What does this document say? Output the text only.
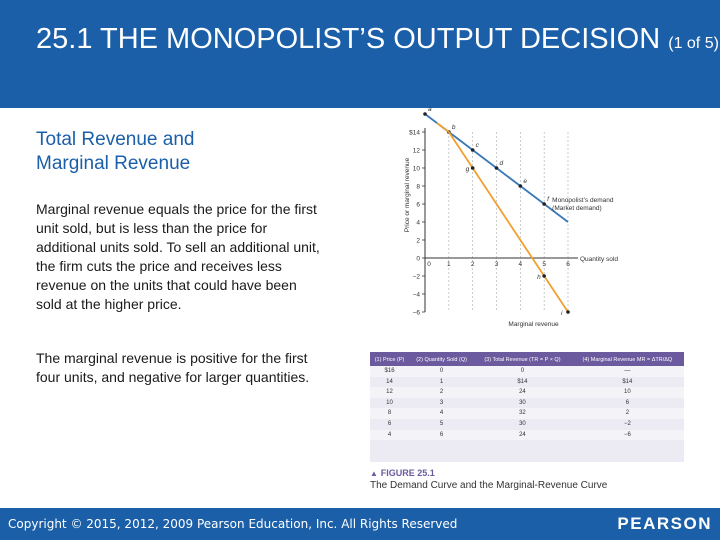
25.1 THE MONOPOLIST’S OUTPUT DECISION (1 of 5)
Total Revenue and Marginal Revenue
Marginal revenue equals the price for the first unit sold, but is less than the price for additional units sold. To sell an additional unit, the firm cuts the price and receives less revenue on the units that could have been sold at the higher price.
The marginal revenue is positive for the first four units, and negative for larger quantities.
$14
12
10
8
6
4
2
0
−2
−4
−6
0 1	2	3	4	5	6
Price or marginal revenue
Quantity sold
a
b
c
d
e
f
g
h
i
Monopolist’s demand
(Market demand)
Marginal revenue
(1) Price (P)	(2) Quantity Sold (Q)	(3) Total Revenue (TR = P × Q)	(4) Marginal Revenue MR = ΔTR/ΔQ
$16	0	0	—
14	1	$14	$14
12	2	24	10
10	3	30	6
8	4	32	2
6	5	30	−2
4	6	24	−6
▲ FIGURE 25.1
The Demand Curve and the Marginal-Revenue Curve
Copyright © 2015, 2012, 2009 Pearson Education, Inc. All Rights Reserved	PEARSON
